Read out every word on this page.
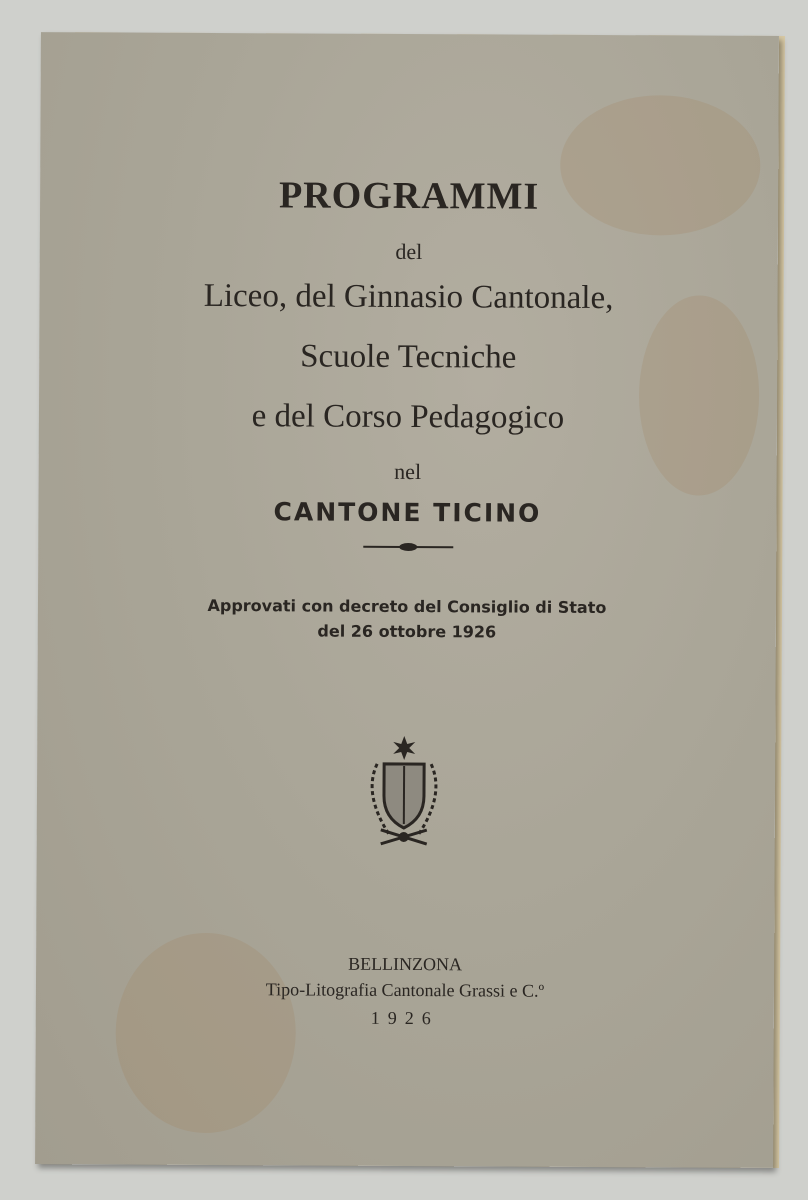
PROGRAMMI
del
Liceo, del Ginnasio Cantonale,
Scuole Tecniche
e del Corso Pedagogico
nel
CANTONE TICINO
Approvati con decreto del Consiglio di Stato
del 26 ottobre 1926
BELLINZONA
Tipo-Litografia Cantonale Grassi e C.º
1926
